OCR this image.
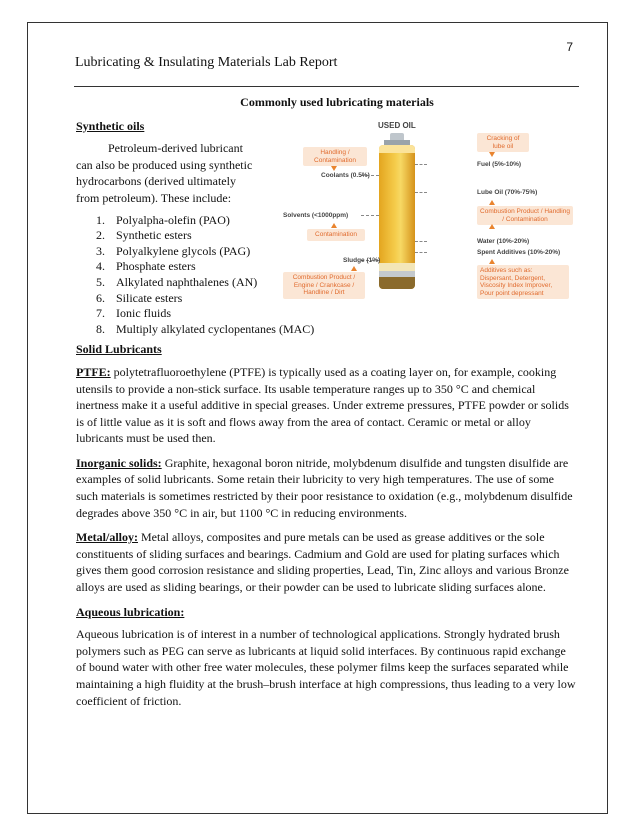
7
Lubricating & Insulating Materials Lab Report
Commonly used lubricating materials
Synthetic oils
Petroleum-derived lubricant
can also be produced using synthetic
hydrocarbons (derived ultimately
from petroleum). These include:
1. Polyalpha-olefin (PAO)
2. Synthetic esters
3. Polyalkylene glycols (PAG)
4. Phosphate esters
5. Alkylated naphthalenes (AN)
6. Silicate esters
7. Ionic fluids
8. Multiply alkylated cyclopentanes (MAC)
Solid Lubricants
PTFE: polytetrafluoroethylene (PTFE) is typically used as a coating layer on, for example, cooking utensils to provide a non-stick surface. Its usable temperature ranges up to 350 °C and chemical inertness make it a useful additive in special greases. Under extreme pressures, PTFE powder or solids is of little value as it is soft and flows away from the area of contact. Ceramic or metal or alloy lubricants must be used then.
Inorganic solids: Graphite, hexagonal boron nitride, molybdenum disulfide and tungsten disulfide are examples of solid lubricants. Some retain their lubricity to very high temperatures. The use of some such materials is sometimes restricted by their poor resistance to oxidation (e.g., molybdenum disulfide degrades above 350 °C in air, but 1100 °C in reducing environments.
Metal/alloy: Metal alloys, composites and pure metals can be used as grease additives or the sole constituents of sliding surfaces and bearings. Cadmium and Gold are used for plating surfaces which gives them good corrosion resistance and sliding properties, Lead, Tin, Zinc alloys and various Bronze alloys are used as sliding bearings, or their powder can be used to lubricate sliding surfaces alone.
Aqueous lubrication:
Aqueous lubrication is of interest in a number of technological applications. Strongly hydrated brush polymers such as PEG can serve as lubricants at liquid solid interfaces. By continuous rapid exchange of bound water with other free water molecules, these polymer films keep the surfaces separated while maintaining a high fluidity at the brush–brush interface at high compressions, thus leading to a very low coefficient of friction.
USED OIL
Handling / Contamination
Coolants (0.5%)
Solvents (<1000ppm)
Contamination
Sludge (1%)
Combustion Product / Engine / Crankcase / Handline / Dirt
Cracking of lube oil
Fuel (5%-10%)
Lube Oil (70%-75%)
Combustion Product / Handling / Contamination
Water (10%-20%)
Spent Additives (10%-20%)
Additives such as: Dispersant, Detergent, Viscosity Index Improver, Pour point depressant
